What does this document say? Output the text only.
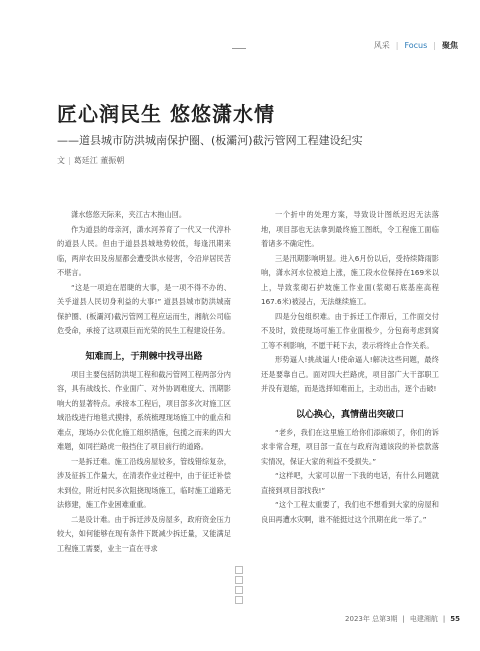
风采 | Focus | 聚焦
匠心润民生 悠悠潇水情

——道县城市防洪城南保护圈、(板灞河)截污管网工程建设纪实

文 | 葛廷江 董振朝

潇水悠悠天际来，夹江古木拖山回。

作为道县的母亲河，潇水河养育了一代又一代淳朴的道县人民。但由于道县县城地势较低，每逢汛期来临，两岸农田及房屋都会遭受洪水侵害，令沿岸居民苦不堪言。

“这是一项迫在眉睫的大事，是一项不得不办的、关乎道县人民切身利益的大事!” 道县县城市防洪城南保护圈、(板灞河)截污管网工程应运而生，湘航公司临危受命，承接了这项艰巨而光荣的民生工程建设任务。

知难而上，于荆棘中找寻出路

项目主要包括防洪堤工程和截污管网工程两部分内容，具有战线长、作业面广、对外协调难度大、汛期影响大的显著特点。承接本工程后，项目部多次对施工区域沿线进行地毯式摸排，系统梳理现场施工中的重点和难点，现场办公优化施工组织措施，包揽之而来的四大难题，如同拦路虎一般挡住了项目前行的道路。

一是拆迁难。施工沿线房屋较多，管线错综复杂，涉及征拆工作量大，在清表作业过程中，由于征迁补偿未到位，附近村民多次阻挠现场施工，临时施工道路无法修建，施工作业困难重重。

二是设计难。由于拆迁涉及房屋多，政府资金压力较大，如何能够在现有条件下既减少拆迁量，又能满足工程施工需要，业主一直在寻求

一个折中的处理方案，导致设计图纸迟迟无法落地，项目部也无法拿到最终施工图纸，令工程施工面临着诸多不确定性。

三是汛期影响明显。进入6月份以后，受持续降雨影响，潇水河水位被迫上涨，施工段水位保持在169米以上，导致浆砌石护坡施工作业面(浆砌石底基座高程167.6米)被浸占，无法继续施工。

四是分包组织难。由于拆迁工作滞后，工作面交付不及时，致使现场可施工作业面极少，分包商考虑到窝工等不利影响，不愿干耗下去，表示将终止合作关系。

形势逼人!挑战逼人!使命逼人!解决这些问题，最终还是要靠自己。面对四大拦路虎，项目部广大干部职工并没有退缩，而是选择知难而上，主动出击，逐个击破!

以心换心，真情凿出突破口

“老乡，我们在这里施工给你们添麻烦了，你们的诉求非常合理，项目部一直在与政府沟通该段的补偿款落实情况，保证大家的利益不受损失。”

“这样吧，大家可以留一下我的电话，有什么问题就直接到项目部找我!”

“这个工程太重要了，我们也不想看到大家的房屋和良田再遭水灾啊，谁不能挺过这个汛期在此一举了。”

2023年 总第3期 | 电建湘航 | 55
